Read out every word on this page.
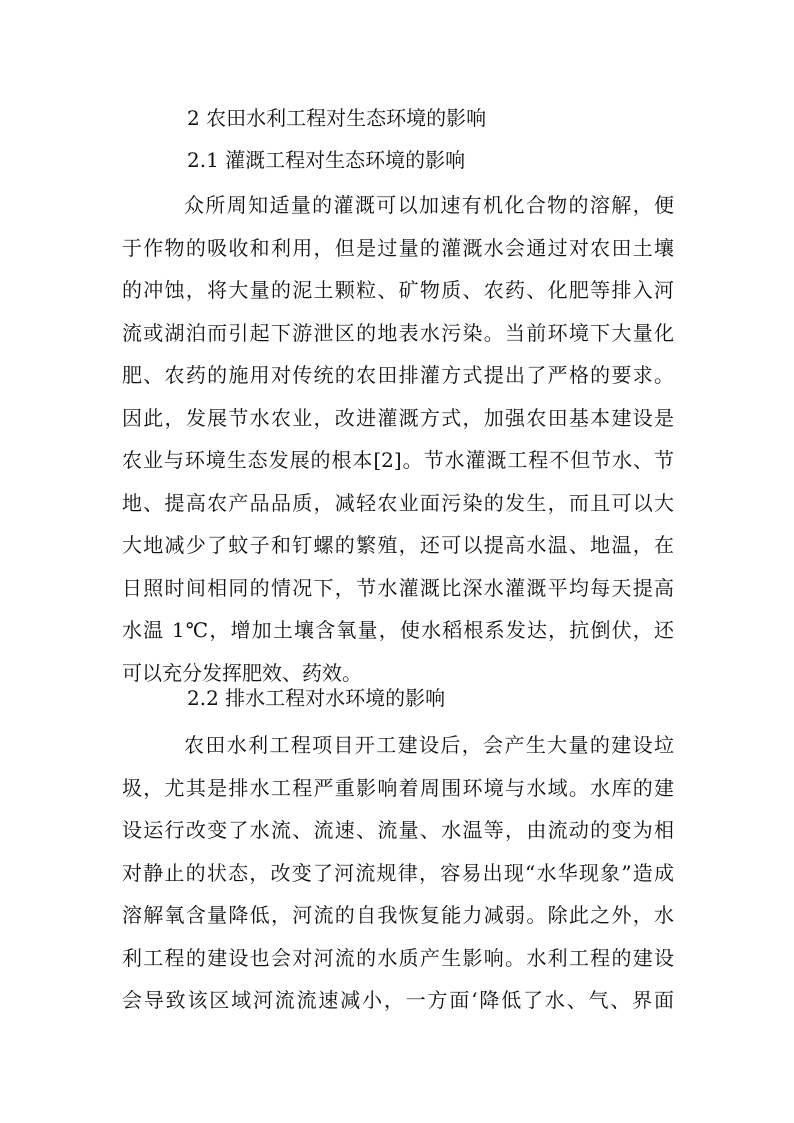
2 农田水利工程对生态环境的影响
2.1 灌溉工程对生态环境的影响
众所周知适量的灌溉可以加速有机化合物的溶解，便
于作物的吸收和利用，但是过量的灌溉水会通过对农田土壤
的冲蚀，将大量的泥土颗粒、矿物质、农药、化肥等排入河
流或湖泊而引起下游泄区的地表水污染。当前环境下大量化
肥、农药的施用对传统的农田排灌方式提出了严格的要求。
因此，发展节水农业，改进灌溉方式，加强农田基本建设是
农业与环境生态发展的根本[2]。节水灌溉工程不但节水、节
地、提高农产品品质，减轻农业面污染的发生，而且可以大
大地减少了蚊子和钉螺的繁殖，还可以提高水温、地温，在
日照时间相同的情况下，节水灌溉比深水灌溉平均每天提高
水温 1℃，增加土壤含氧量，使水稻根系发达，抗倒伏，还
可以充分发挥肥效、药效。
2.2 排水工程对水环境的影响
农田水利工程项目开工建设后，会产生大量的建设垃
圾，尤其是排水工程严重影响着周围环境与水域。水库的建
设运行改变了水流、流速、流量、水温等，由流动的变为相
对静止的状态，改变了河流规律，容易出现“水华现象”造成
溶解氧含量降低，河流的自我恢复能力减弱。除此之外，水
利工程的建设也会对河流的水质产生影响。水利工程的建设
会导致该区域河流流速减小，一方面‘降低了水、气、界面
